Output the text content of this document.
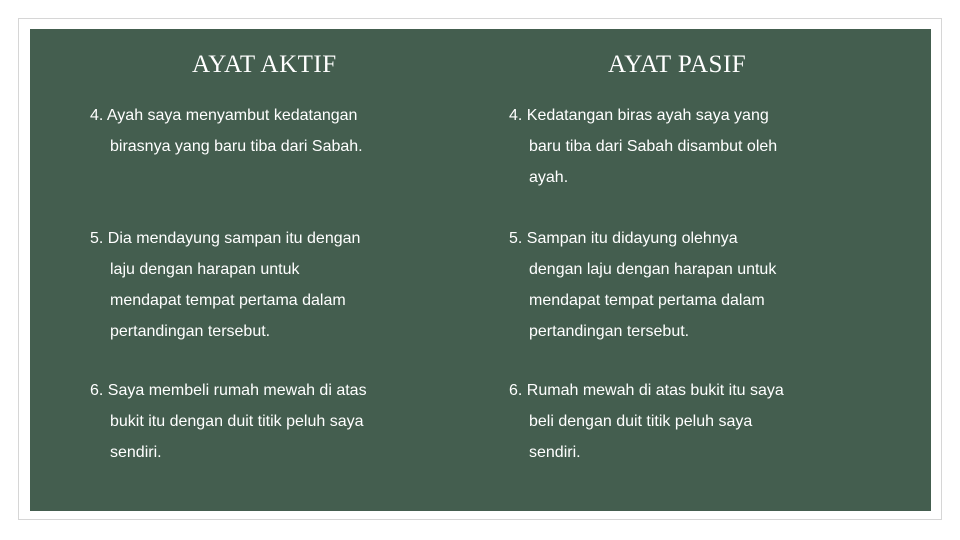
AYAT AKTIF

4. Ayah saya menyambut kedatangan
birasnya yang baru tiba dari Sabah.

5. Dia mendayung sampan itu dengan
laju dengan harapan untuk
mendapat tempat pertama dalam
pertandingan tersebut.

6. Saya membeli rumah mewah di atas
bukit itu dengan duit titik peluh saya
sendiri.

AYAT PASIF

4. Kedatangan biras ayah saya yang
baru tiba dari Sabah disambut oleh
ayah.

5. Sampan itu didayung olehnya
dengan laju dengan harapan untuk
mendapat tempat pertama dalam
pertandingan tersebut.

6. Rumah mewah di atas bukit itu saya
beli dengan duit titik peluh saya
sendiri.
